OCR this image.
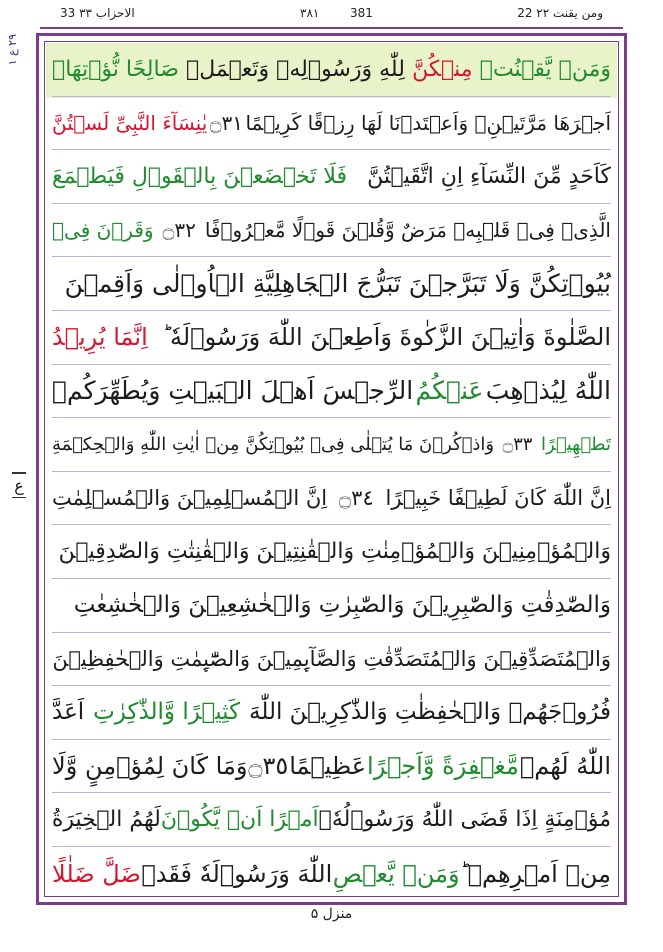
22 ومن يقنت ٢٢
٣٨١	381
33 الاحزاب ٣٣
٢٩ ع ١
ع
وَمَنۡ يَّقۡنُتۡ
مِنۡكُنَّ
لِلّٰهِ وَرَسُوۡلِهٖ وَتَعۡمَلۡ
صَالِحًا نُّؤۡتِهَاۤ
اَجۡرَهَا مَرَّتَيۡنِۙ وَاَعۡتَدۡنَا لَهَا رِزۡقًا كَرِيۡمًا
۝٣١
يٰنِسَآءَ النَّبِىِّ لَسۡتُنَّ
كَاَحَدٍ مِّنَ النِّسَآءِ اِنِ اتَّقَيۡتُنَّ
فَلَا تَخۡضَعۡنَ بِالۡقَوۡلِ فَيَطۡمَعَ
الَّذِىۡ فِىۡ قَلۡبِهٖ مَرَضٌ وَّقُلۡنَ قَوۡلًا مَّعۡرُوۡفًا
۝٣٢
وَقَرۡنَ فِىۡ
بُيُوۡتِكُنَّ وَلَا تَبَرَّجۡنَ تَبَرُّجَ الۡجَاهِلِيَّةِ الۡاُوۡلٰى وَاَقِمۡنَ
الصَّلٰوةَ وَاٰتِيۡنَ الزَّكٰوةَ وَاَطِعۡنَ اللّٰهَ وَرَسُوۡلَهٗ ؕ
اِنَّمَا يُرِيۡدُ
اللّٰهُ لِيُذۡهِبَ
عَنۡكُمُ
الرِّجۡسَ اَهۡلَ الۡبَيۡتِ وَيُطَهِّرَكُمۡ
تَطۡهِيۡرًا
۝٣٣
وَاذۡكُرۡنَ مَا يُتۡلٰى فِىۡ بُيُوۡتِكُنَّ مِنۡ اٰيٰتِ اللّٰهِ وَالۡحِكۡمَةِ
اِنَّ اللّٰهَ كَانَ لَطِيۡفًا خَبِيۡرًا
۝٣٤
اِنَّ الۡمُسۡلِمِيۡنَ وَالۡمُسۡلِمٰتِ
وَالۡمُؤۡمِنِيۡنَ وَالۡمُؤۡمِنٰتِ وَالۡقٰنِتِيۡنَ وَالۡقٰنِتٰتِ وَالصّٰدِقِيۡنَ
وَالصّٰدِقٰتِ وَالصّٰبِرِيۡنَ وَالصّٰبِرٰتِ وَالۡخٰشِعِيۡنَ وَالۡخٰشِعٰتِ
وَالۡمُتَصَدِّقِيۡنَ وَالۡمُتَصَدِّقٰتِ وَالصَّآٮِٕمِيۡنَ وَالصّٰٓٮِٕمٰتِ وَالۡحٰفِظِيۡنَ
فُرُوۡجَهُمۡ وَالۡحٰفِظٰتِ وَالذّٰكِرِيۡنَ اللّٰهَ
كَثِيۡرًا وَّالذّٰكِرٰتِ
اَعَدَّ
اللّٰهُ لَهُمۡ
مَّغۡفِرَةً وَّاَجۡرًا
عَظِيۡمًا
۝٣٥
وَمَا كَانَ لِمُؤۡمِنٍ وَّلَا
مُؤۡمِنَةٍ اِذَا قَضَى اللّٰهُ وَرَسُوۡلُهٗۤ
اَمۡرًا اَنۡ يَّكُوۡنَ
لَهُمُ الۡخِيَرَةُ
مِنۡ اَمۡرِهِمۡ ؕ
وَمَنۡ يَّعۡصِ
اللّٰهَ وَرَسُوۡلَهٗ فَقَدۡ
ضَلَّ ضَلٰلًا
منزل ۵
